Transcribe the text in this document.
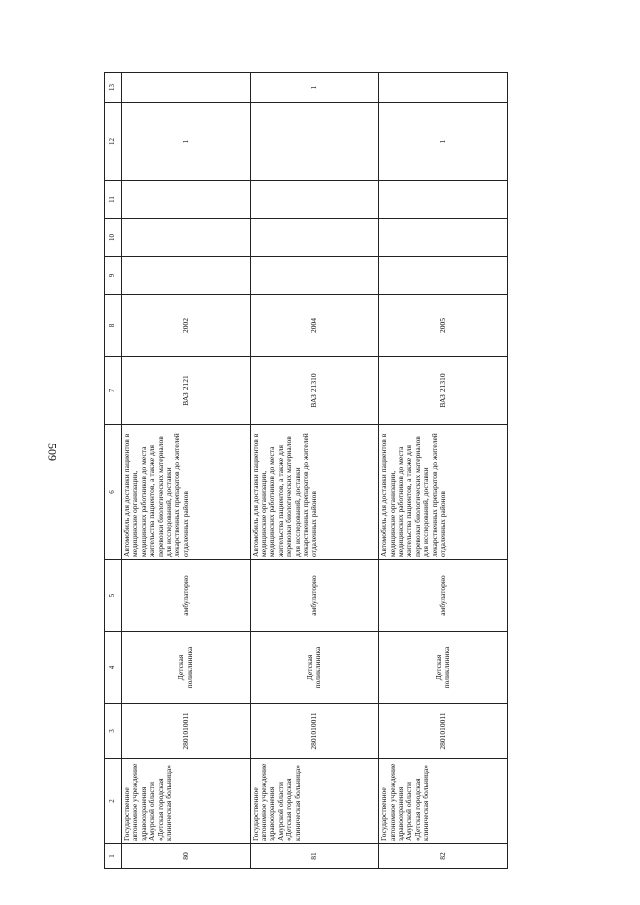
509
1	2	3	4	5	6	7	8	9	10	11	12	13
80	Государственное автономное учреждение здравоохранения Амурской области «Детская городская клиническая больница»	2801010011	Детская поликлиника	амбулаторно	Автомобиль для доставки пациентов в медицинские организации, медицинских работников до места жительства пациентов, а также для перевозки биологических материалов для исследований, доставки лекарственных препаратов до жителей отдаленных районов	ВАЗ 2121	2002				1	
81	Государственное автономное учреждение здравоохранения Амурской области «Детская городская клиническая больница»	2801010011	Детская поликлиника	амбулаторно	Автомобиль для доставки пациентов в медицинские организации, медицинских работников до места жительства пациентов, а также для перевозки биологических материалов для исследований, доставки лекарственных препаратов до жителей отдаленных районов	ВАЗ 21310	2004					1
82	Государственное автономное учреждение здравоохранения Амурской области «Детская городская клиническая больница»	2801010011	Детская поликлиника	амбулаторно	Автомобиль для доставки пациентов в медицинские организации, медицинских работников до места жительства пациентов, а также для перевозки биологических материалов для исследований, доставки лекарственных препаратов до жителей отдаленных районов	ВАЗ 21310	2005				1	
